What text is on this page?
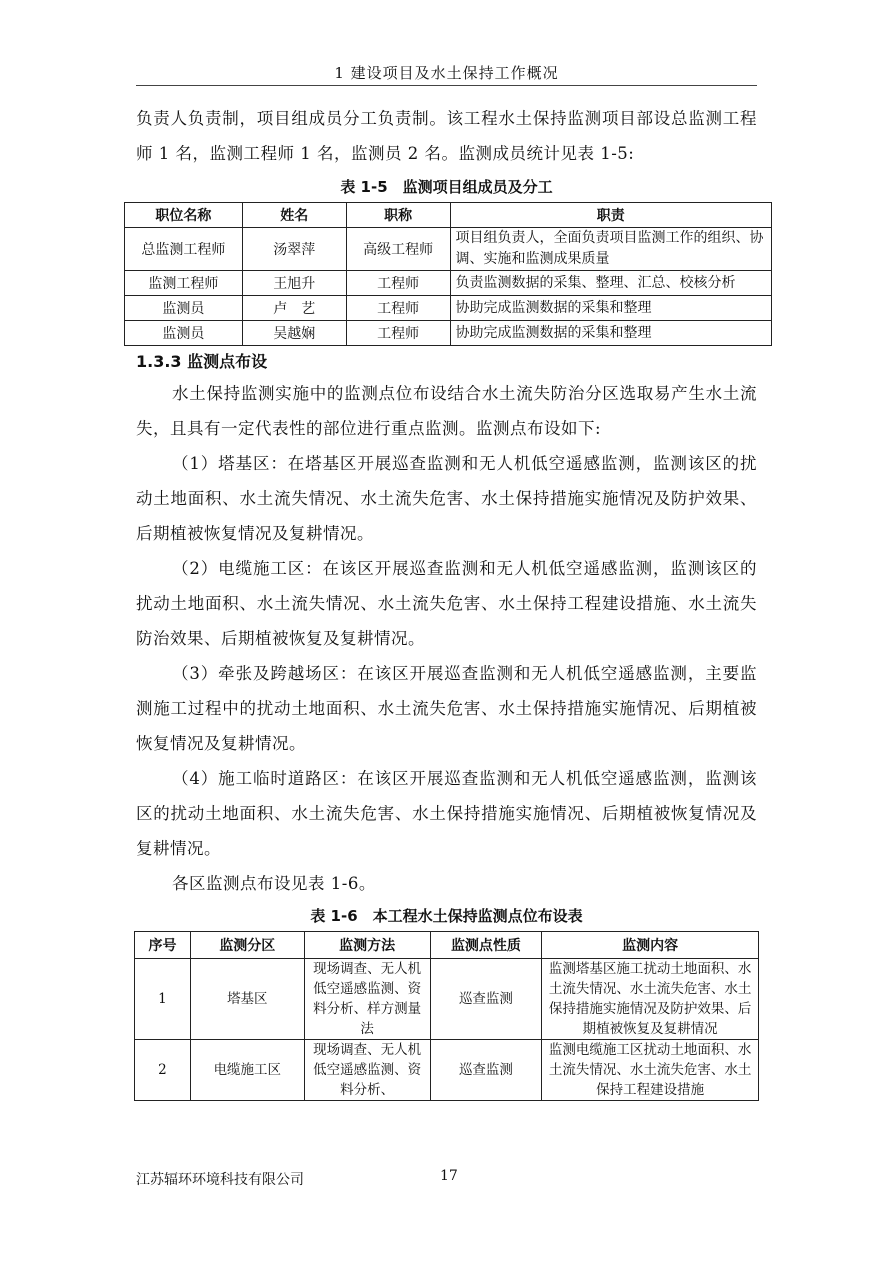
1 建设项目及水土保持工作概况

负责人负责制，项目组成员分工负责制。该工程水土保持监测项目部设总监测工程师 1 名，监测工程师 1 名，监测员 2 名。监测成员统计见表 1-5:

表 1-5　监测项目组成员及分工

职位名称	姓名	职称	职责
总监测工程师	汤翠萍	高级工程师	项目组负责人，全面负责项目监测工作的组织、协调、实施和监测成果质量
监测工程师	王旭升	工程师	负责监测数据的采集、整理、汇总、校核分析
监测员	卢　艺	工程师	协助完成监测数据的采集和整理
监测员	吴越娴	工程师	协助完成监测数据的采集和整理

1.3.3 监测点布设

水土保持监测实施中的监测点位布设结合水土流失防治分区选取易产生水土流失，且具有一定代表性的部位进行重点监测。监测点布设如下:

（1）塔基区：在塔基区开展巡查监测和无人机低空遥感监测，监测该区的扰动土地面积、水土流失情况、水土流失危害、水土保持措施实施情况及防护效果、后期植被恢复情况及复耕情况。

（2）电缆施工区：在该区开展巡查监测和无人机低空遥感监测，监测该区的扰动土地面积、水土流失情况、水土流失危害、水土保持工程建设措施、水土流失防治效果、后期植被恢复及复耕情况。

（3）牵张及跨越场区：在该区开展巡查监测和无人机低空遥感监测，主要监测施工过程中的扰动土地面积、水土流失危害、水土保持措施实施情况、后期植被恢复情况及复耕情况。

（4）施工临时道路区：在该区开展巡查监测和无人机低空遥感监测，监测该区的扰动土地面积、水土流失危害、水土保持措施实施情况、后期植被恢复情况及复耕情况。

各区监测点布设见表 1-6。

表 1-6　本工程水土保持监测点位布设表

序号	监测分区	监测方法	监测点性质	监测内容
1	塔基区	现场调查、无人机低空遥感监测、资料分析、样方测量法	巡查监测	监测塔基区施工扰动土地面积、水土流失情况、水土流失危害、水土保持措施实施情况及防护效果、后期植被恢复及复耕情况
2	电缆施工区	现场调查、无人机低空遥感监测、资料分析、	巡查监测	监测电缆施工区扰动土地面积、水土流失情况、水土流失危害、水土保持工程建设措施
江苏辐环环境科技有限公司	17
